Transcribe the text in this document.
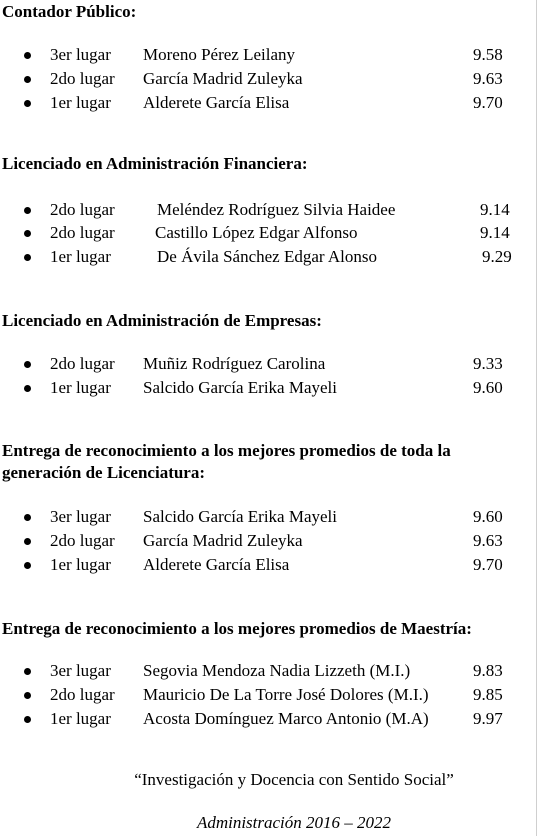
Contador Público:
3er lugar Moreno Pérez Leilany	9.58
2do lugar García Madrid Zuleyka	9.63
1er lugar Alderete García Elisa	9.70
Licenciado en Administración Financiera:
2do lugar Meléndez Rodríguez Silvia Haidee	9.14
2do lugar Castillo López Edgar Alfonso	9.14
1er lugar	De Ávila Sánchez Edgar Alonso	9.29
Licenciado en Administración de Empresas:
2do lugar Muñiz Rodríguez Carolina	9.33
1er lugar Salcido García Erika Mayeli	9.60
Entrega de reconocimiento a los mejores promedios de toda la generación de Licenciatura:
3er lugar Salcido García Erika Mayeli	9.60
2do lugar García Madrid Zuleyka	9.63
1er lugar Alderete García Elisa	9.70
Entrega de reconocimiento a los mejores promedios de Maestría:
3er lugar Segovia Mendoza Nadia Lizzeth (M.I.)	9.83
2do lugar Mauricio De La Torre José Dolores (M.I.)	9.85
1er lugar Acosta Domínguez Marco Antonio (M.A)	9.97
“Investigación y Docencia con Sentido Social”
Administración 2016 – 2022
